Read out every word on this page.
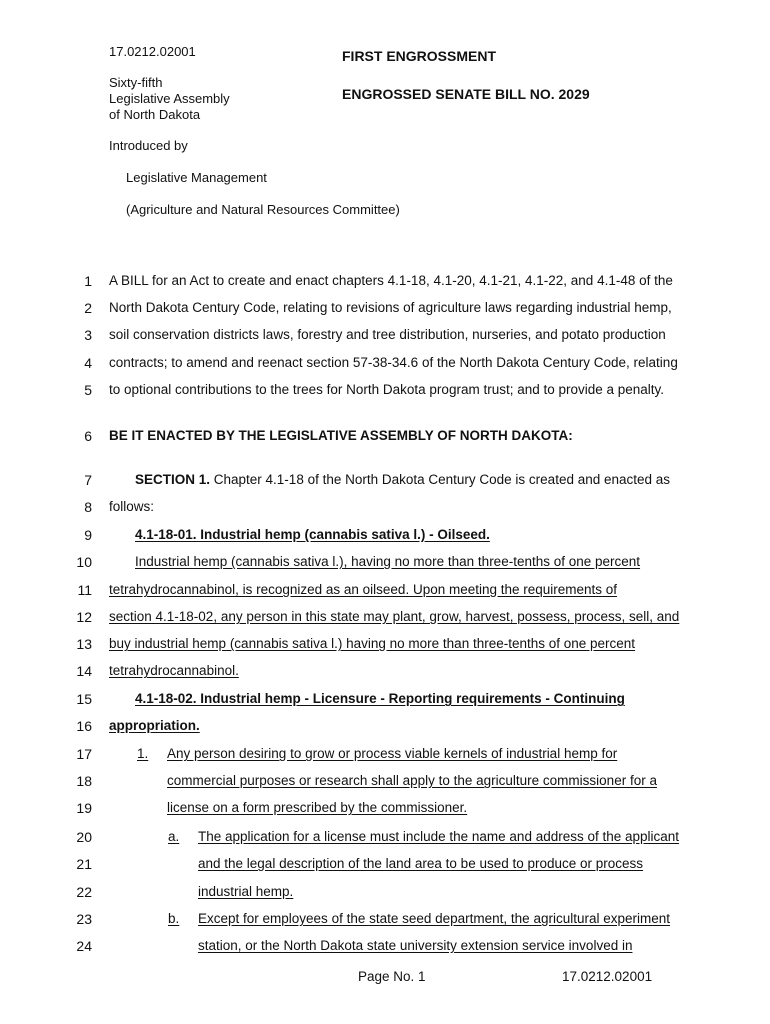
17.0212.02001
Sixty-fifth
Legislative Assembly
of North Dakota
FIRST ENGROSSMENT
ENGROSSED SENATE BILL NO. 2029
Introduced by
Legislative Management
(Agriculture and Natural Resources Committee)
1 A BILL for an Act to create and enact chapters 4.1-18, 4.1-20, 4.1-21, 4.1-22, and 4.1-48 of the
2 North Dakota Century Code, relating to revisions of agriculture laws regarding industrial hemp,
3 soil conservation districts laws, forestry and tree distribution, nurseries, and potato production
4 contracts; to amend and reenact section 57-38-34.6 of the North Dakota Century Code, relating
5 to optional contributions to the trees for North Dakota program trust; and to provide a penalty.
6 BE IT ENACTED BY THE LEGISLATIVE ASSEMBLY OF NORTH DAKOTA:
7	SECTION 1. Chapter 4.1-18 of the North Dakota Century Code is created and enacted as
8 follows:
9	4.1-18-01. Industrial hemp (cannabis sativa l.) - Oilseed.
10	Industrial hemp (cannabis sativa l.), having no more than three-tenths of one percent
11 tetrahydrocannabinol, is recognized as an oilseed. Upon meeting the requirements of
12 section 4.1-18-02, any person in this state may plant, grow, harvest, possess, process, sell, and
13 buy industrial hemp (cannabis sativa l.) having no more than three-tenths of one percent
14 tetrahydrocannabinol.
15	4.1-18-02. Industrial hemp - Licensure - Reporting requirements - Continuing
16 appropriation.
17	1. Any person desiring to grow or process viable kernels of industrial hemp for
18	commercial purposes or research shall apply to the agriculture commissioner for a
19	license on a form prescribed by the commissioner.
20	a. The application for a license must include the name and address of the applicant
21	and the legal description of the land area to be used to produce or process
22	industrial hemp.
23	b. Except for employees of the state seed department, the agricultural experiment
24	station, or the North Dakota state university extension service involved in
Page No. 1	17.0212.02001
